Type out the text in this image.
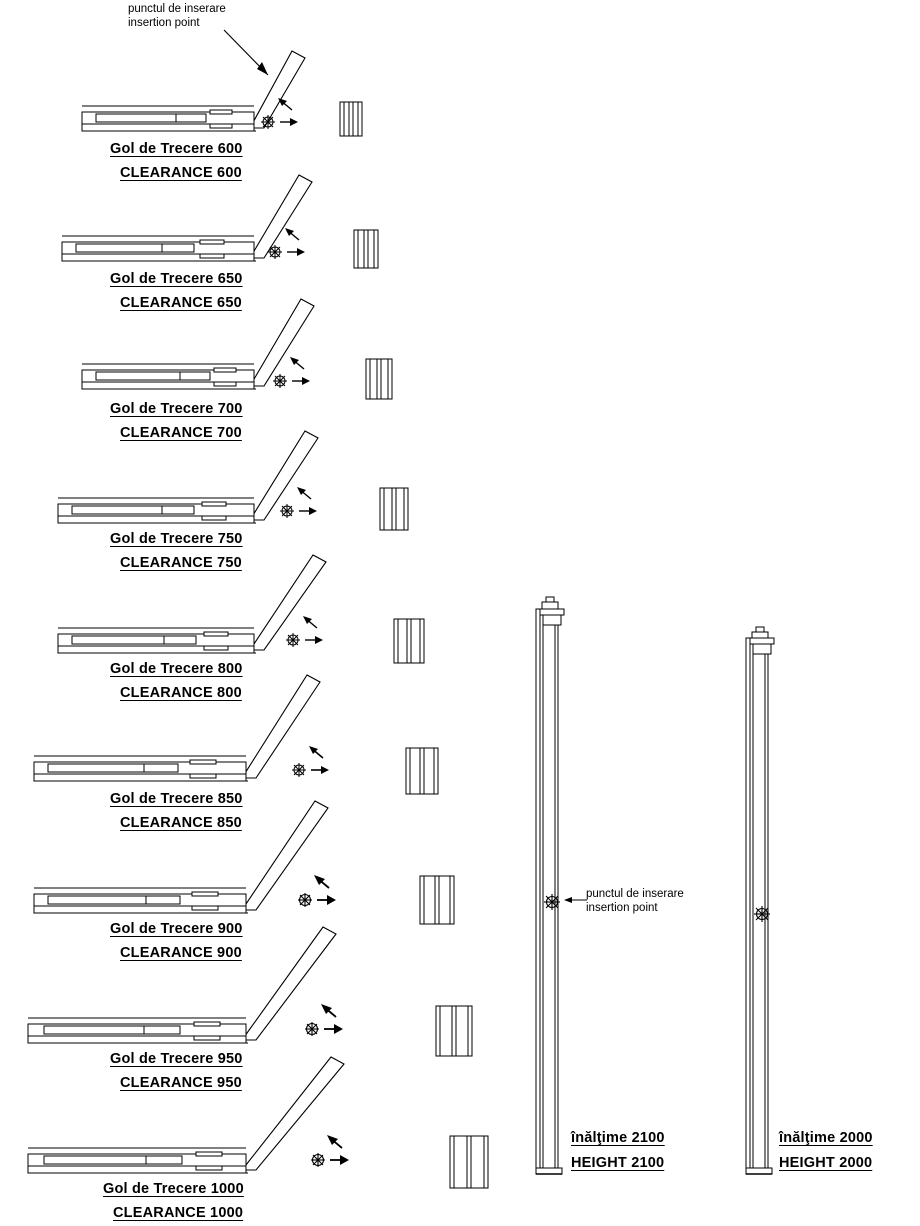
punctul de inserare
insertion point
punctul de inserare
insertion point
Gol de Trecere 600
CLEARANCE 600
Gol de Trecere 650
CLEARANCE 650
Gol de Trecere 700
CLEARANCE 700
Gol de Trecere 750
CLEARANCE 750
Gol de Trecere 800
CLEARANCE 800
Gol de Trecere 850
CLEARANCE 850
Gol de Trecere 900
CLEARANCE 900
Gol de Trecere 950
CLEARANCE 950
Gol de Trecere 1000
CLEARANCE 1000
înălţime 2100
HEIGHT 2100
înălţime 2000
HEIGHT 2000
